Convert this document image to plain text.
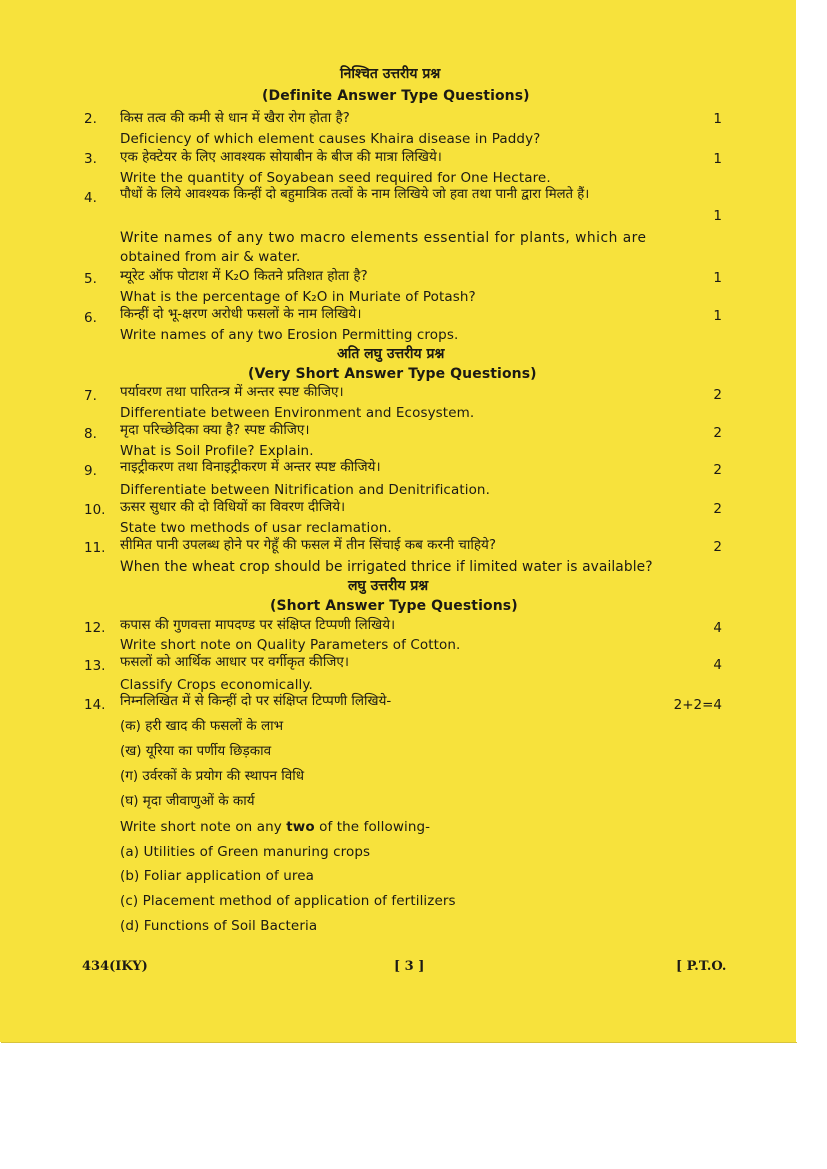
निश्चित उत्तरीय प्रश्न
(Definite Answer Type Questions)
2.	किस तत्व की कमी से धान में खैरा रोग होता है?	1
Deficiency of which element causes Khaira disease in Paddy?
3.	एक हेक्टेयर के लिए आवश्यक सोयाबीन के बीज की मात्रा लिखिये।	1
Write the quantity of Soyabean seed required for One Hectare.
4.	पौधों के लिये आवश्यक किन्हीं दो बहुमात्रिक तत्वों के नाम लिखिये जो हवा तथा पानी द्वारा मिलते हैं।
1
Write names of any two macro elements essential for plants, which are
obtained from air & water.
5.	म्यूरेट ऑफ पोटाश में K₂O कितने प्रतिशत होता है?	1
What is the percentage of K₂O in Muriate of Potash?
6.	किन्हीं दो भू-क्षरण अरोधी फसलों के नाम लिखिये।	1
Write names of any two Erosion Permitting crops.
अति लघु उत्तरीय प्रश्न
(Very Short Answer Type Questions)
7.	पर्यावरण तथा पारितन्त्र में अन्तर स्पष्ट कीजिए।	2
Differentiate between Environment and Ecosystem.
8.	मृदा परिच्छेदिका क्या है? स्पष्ट कीजिए।	2
What is Soil Profile? Explain.
9.	नाइट्रीकरण तथा विनाइट्रीकरण में अन्तर स्पष्ट कीजिये।	2
Differentiate between Nitrification and Denitrification.
10. ऊसर सुधार की दो विधियों का विवरण दीजिये।	2
State two methods of usar reclamation.
11. सीमित पानी उपलब्ध होने पर गेहूँ की फसल में तीन सिंचाई कब करनी चाहिये?	2
When the wheat crop should be irrigated thrice if limited water is available?
लघु उत्तरीय प्रश्न
(Short Answer Type Questions)
12. कपास की गुणवत्ता मापदण्ड पर संक्षिप्त टिप्पणी लिखिये।	4
Write short note on Quality Parameters of Cotton.
13. फसलों को आर्थिक आधार पर वर्गीकृत कीजिए।	4
Classify Crops economically.
14. निम्नलिखित में से किन्हीं दो पर संक्षिप्त टिप्पणी लिखिये-	2+2=4
(क) हरी खाद की फसलों के लाभ
(ख) यूरिया का पर्णीय छिड़काव
(ग) उर्वरकों के प्रयोग की स्थापन विधि
(घ) मृदा जीवाणुओं के कार्य
Write short note on any two of the following-
(a) Utilities of Green manuring crops
(b) Foliar application of urea
(c) Placement method of application of fertilizers
(d) Functions of Soil Bacteria
434(IKY)	[ 3 ]	[ P.T.O.
